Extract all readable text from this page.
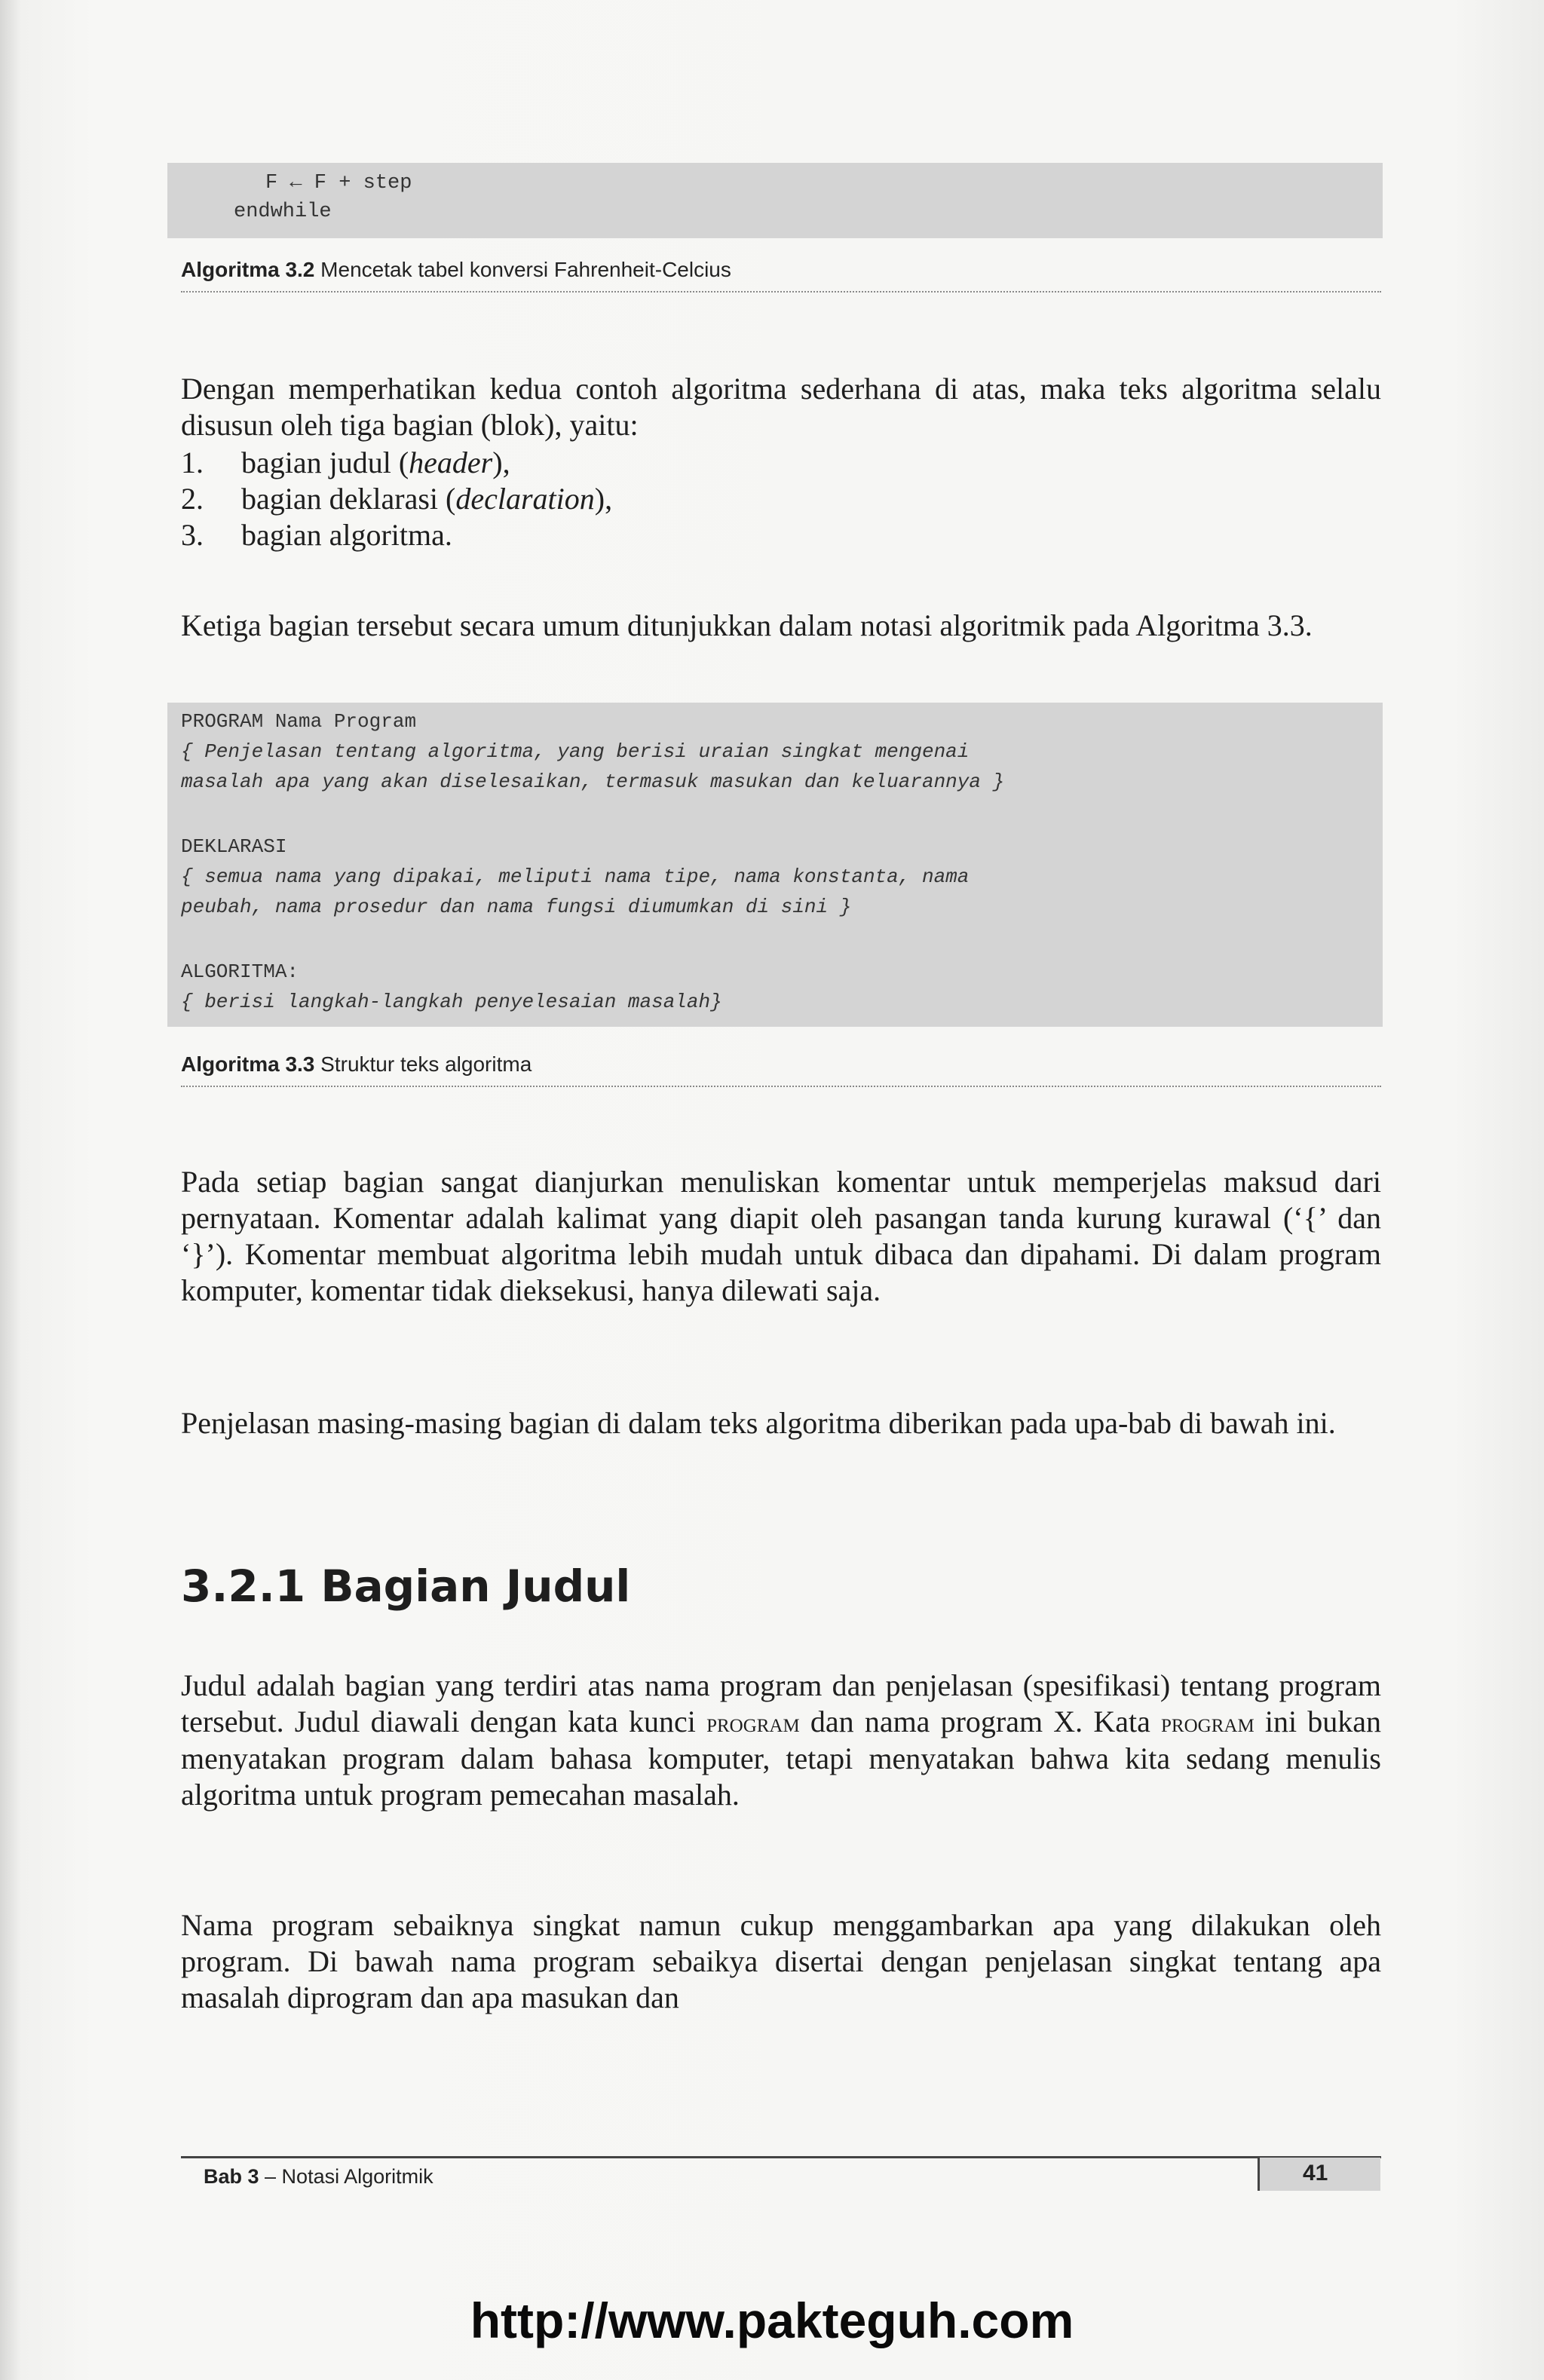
F ← F + step
endwhile
Algoritma 3.2 Mencetak tabel konversi Fahrenheit-Celcius

Dengan memperhatikan kedua contoh algoritma sederhana di atas, maka teks algoritma selalu disusun oleh tiga bagian (blok), yaitu:

1. bagian judul (header),
2. bagian deklarasi (declaration),
3. bagian algoritma.

Ketiga bagian tersebut secara umum ditunjukkan dalam notasi algoritmik pada Algoritma 3.3.

PROGRAM Nama Program
{ Penjelasan tentang algoritma, yang berisi uraian singkat mengenai
masalah apa yang akan diselesaikan, termasuk masukan dan keluarannya }
DEKLARASI
{ semua nama yang dipakai, meliputi nama tipe, nama konstanta, nama
peubah, nama prosedur dan nama fungsi diumumkan di sini }
ALGORITMA:
{ berisi langkah-langkah penyelesaian masalah}
Algoritma 3.3 Struktur teks algoritma

Pada setiap bagian sangat dianjurkan menuliskan komentar untuk memperjelas maksud dari pernyataan. Komentar adalah kalimat yang diapit oleh pasangan tanda kurung kurawal (‘{’ dan ‘}’). Komentar membuat algoritma lebih mudah untuk dibaca dan dipahami. Di dalam program komputer, komentar tidak dieksekusi, hanya dilewati saja.

Penjelasan masing-masing bagian di dalam teks algoritma diberikan pada upa-bab di bawah ini.

3.2.1 Bagian Judul

Judul adalah bagian yang terdiri atas nama program dan penjelasan (spesifikasi) tentang program tersebut. Judul diawali dengan kata kunci program dan nama program X. Kata program ini bukan menyatakan program dalam bahasa komputer, tetapi menyatakan bahwa kita sedang menulis algoritma untuk program pemecahan masalah.

Nama program sebaiknya singkat namun cukup menggambarkan apa yang dilakukan oleh program. Di bawah nama program sebaikya disertai dengan penjelasan singkat tentang apa masalah diprogram dan apa masukan dan

Bab 3 – Notasi Algoritmik	41
http://www.pakteguh.com
